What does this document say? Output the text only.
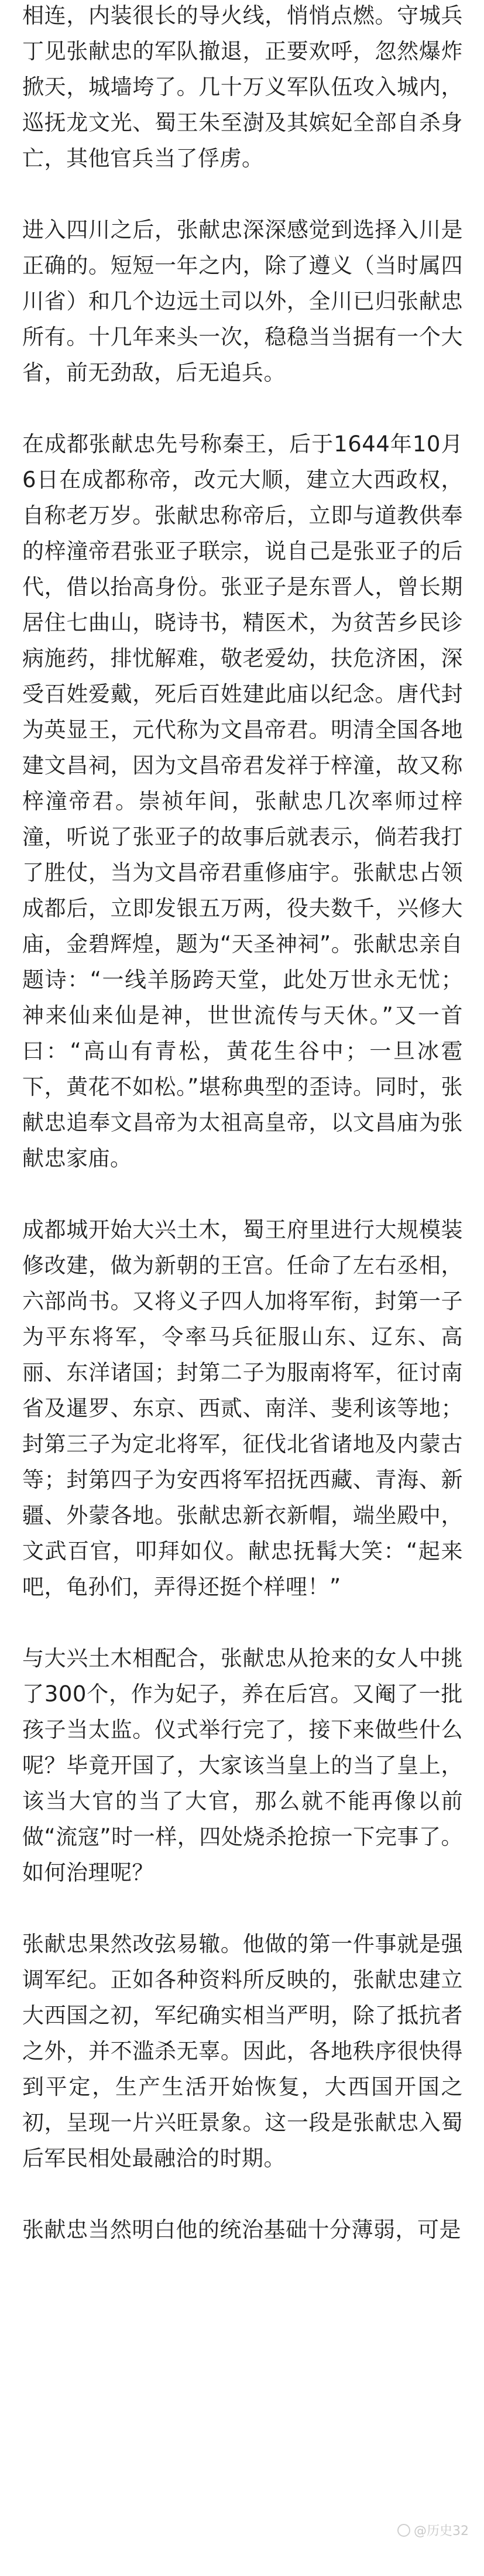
相连，内装很长的导火线，悄悄点燃。守城兵丁见张献忠的军队撤退，正要欢呼，忽然爆炸掀天，城墙垮了。几十万义军队伍攻入城内，巡抚龙文光、蜀王朱至澍及其嫔妃全部自杀身亡，其他官兵当了俘虏。

进入四川之后，张献忠深深感觉到选择入川是正确的。短短一年之内，除了遵义（当时属四川省）和几个边远土司以外，全川已归张献忠所有。十几年来头一次，稳稳当当据有一个大省，前无劲敌，后无追兵。

在成都张献忠先号称秦王，后于1644年10月6日在成都称帝，改元大顺，建立大西政权，自称老万岁。张献忠称帝后，立即与道教供奉的梓潼帝君张亚子联宗，说自己是张亚子的后代，借以抬高身份。张亚子是东晋人，曾长期居住七曲山，晓诗书，精医术，为贫苦乡民诊病施药，排忧解难，敬老爱幼，扶危济困，深受百姓爱戴，死后百姓建此庙以纪念。唐代封为英显王，元代称为文昌帝君。明清全国各地建文昌祠，因为文昌帝君发祥于梓潼，故又称梓潼帝君。崇祯年间，张献忠几次率师过梓潼，听说了张亚子的故事后就表示，倘若我打了胜仗，当为文昌帝君重修庙宇。张献忠占领成都后，立即发银五万两，役夫数千，兴修大庙，金碧辉煌，题为“天圣神祠”。张献忠亲自题诗：“一线羊肠跨天堂，此处万世永无忧；神来仙来仙是神，世世流传与天休。”又一首曰：“高山有青松，黄花生谷中；一旦冰雹下，黄花不如松。”堪称典型的歪诗。同时，张献忠追奉文昌帝为太祖高皇帝，以文昌庙为张献忠家庙。

成都城开始大兴土木，蜀王府里进行大规模装修改建，做为新朝的王宫。任命了左右丞相，六部尚书。又将义子四人加将军衔，封第一子为平东将军，令率马兵征服山东、辽东、高丽、东洋诸国；封第二子为服南将军，征讨南省及暹罗、东京、西贰、南洋、斐利该等地；封第三子为定北将军，征伐北省诸地及内蒙古等；封第四子为安西将军招抚西藏、青海、新疆、外蒙各地。张献忠新衣新帽，端坐殿中，文武百官，叩拜如仪。献忠抚髯大笑：“起来吧，龟孙们，弄得还挺个样哩！”

与大兴土木相配合，张献忠从抢来的女人中挑了300个，作为妃子，养在后宫。又阉了一批孩子当太监。仪式举行完了，接下来做些什么呢？毕竟开国了，大家该当皇上的当了皇上，该当大官的当了大官，那么就不能再像以前做“流寇”时一样，四处烧杀抢掠一下完事了。如何治理呢？

张献忠果然改弦易辙。他做的第一件事就是强调军纪。正如各种资料所反映的，张献忠建立大西国之初，军纪确实相当严明，除了抵抗者之外，并不滥杀无辜。因此，各地秩序很快得到平定，生产生活开始恢复，大西国开国之初，呈现一片兴旺景象。这一段是张献忠入蜀后军民相处最融洽的时期。

张献忠当然明白他的统治基础十分薄弱，可是

@历史32
